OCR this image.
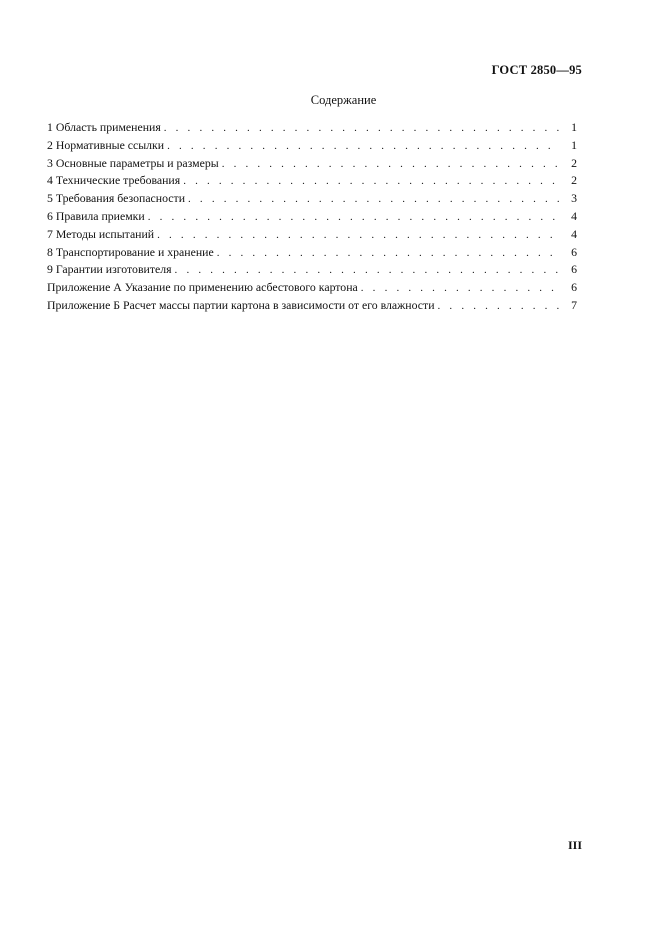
ГОСТ 2850—95
Содержание
1 Область применения . . .	1
2 Нормативные ссылки . . .	1
3 Основные параметры и размеры . . .	2
4 Технические требования . . .	2
5 Требования безопасности . . .	3
6 Правила приемки . . .	4
7 Методы испытаний . . .	4
8 Транспортирование и хранение . . .	6
9 Гарантии изготовителя . . .	6
Приложение А Указание по применению асбестового картона . . .	6
Приложение Б Расчет массы партии картона в зависимости от его влажности . . .	7
III
